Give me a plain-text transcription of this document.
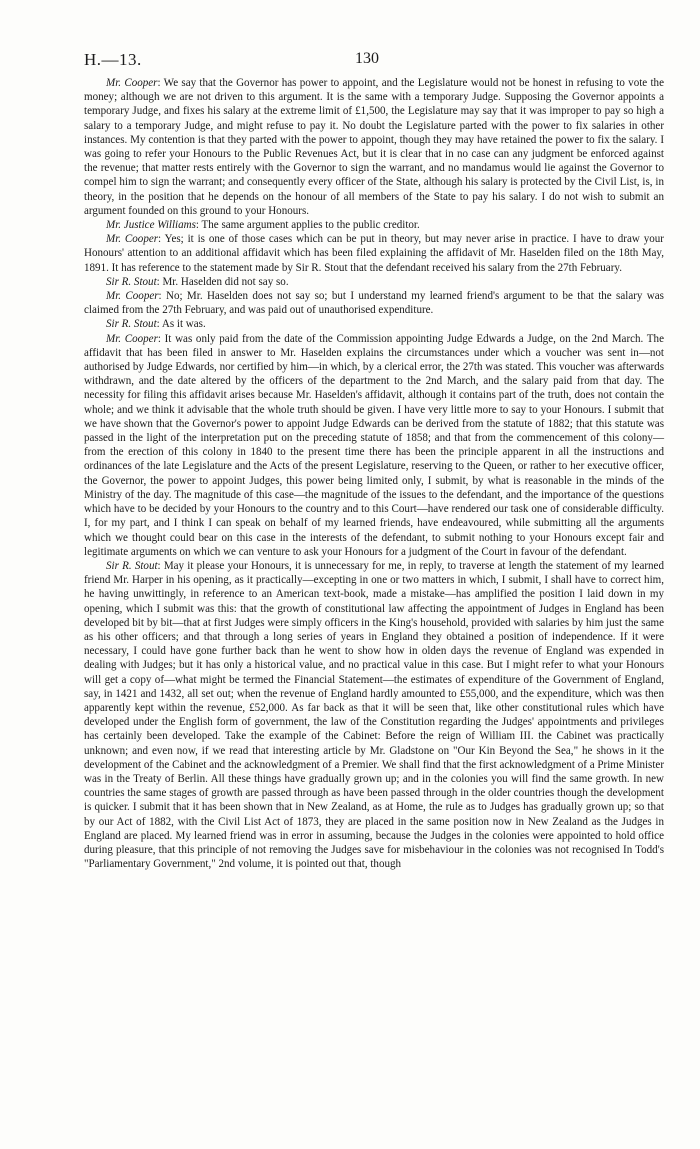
H.—13.	130

Mr. Cooper: We say that the Governor has power to appoint, and the Legislature would not be honest in refusing to vote the money; although we are not driven to this argument. It is the same with a temporary Judge. Supposing the Governor appoints a temporary Judge, and fixes his salary at the extreme limit of £1,500, the Legislature may say that it was improper to pay so high a salary to a temporary Judge, and might refuse to pay it. No doubt the Legislature parted with the power to fix salaries in other instances. My contention is that they parted with the power to appoint, though they may have retained the power to fix the salary. I was going to refer your Honours to the Public Revenues Act, but it is clear that in no case can any judgment be enforced against the revenue; that matter rests entirely with the Governor to sign the warrant, and no mandamus would lie against the Governor to compel him to sign the warrant; and consequently every officer of the State, although his salary is protected by the Civil List, is, in theory, in the position that he depends on the honour of all members of the State to pay his salary. I do not wish to submit an argument founded on this ground to your Honours.

Mr. Justice Williams: The same argument applies to the public creditor.

Mr. Cooper: Yes; it is one of those cases which can be put in theory, but may never arise in practice. I have to draw your Honours' attention to an additional affidavit which has been filed explaining the affidavit of Mr. Haselden filed on the 18th May, 1891. It has reference to the statement made by Sir R. Stout that the defendant received his salary from the 27th February.

Sir R. Stout: Mr. Haselden did not say so.

Mr. Cooper: No; Mr. Haselden does not say so; but I understand my learned friend's argument to be that the salary was claimed from the 27th February, and was paid out of unauthorised expenditure.

Sir R. Stout: As it was.

Mr. Cooper: It was only paid from the date of the Commission appointing Judge Edwards a Judge, on the 2nd March. The affidavit that has been filed in answer to Mr. Haselden explains the circumstances under which a voucher was sent in—not authorised by Judge Edwards, nor certified by him—in which, by a clerical error, the 27th was stated. This voucher was afterwards withdrawn, and the date altered by the officers of the department to the 2nd March, and the salary paid from that day. The necessity for filing this affidavit arises because Mr. Haselden's affidavit, although it contains part of the truth, does not contain the whole; and we think it advisable that the whole truth should be given. I have very little more to say to your Honours. I submit that we have shown that the Governor's power to appoint Judge Edwards can be derived from the statute of 1882; that this statute was passed in the light of the interpretation put on the preceding statute of 1858; and that from the commencement of this colony—from the erection of this colony in 1840 to the present time there has been the principle apparent in all the instructions and ordinances of the late Legislature and the Acts of the present Legislature, reserving to the Queen, or rather to her executive officer, the Governor, the power to appoint Judges, this power being limited only, I submit, by what is reasonable in the minds of the Ministry of the day. The magnitude of this case—the magnitude of the issues to the defendant, and the importance of the questions which have to be decided by your Honours to the country and to this Court—have rendered our task one of considerable difficulty. I, for my part, and I think I can speak on behalf of my learned friends, have endeavoured, while submitting all the arguments which we thought could bear on this case in the interests of the defendant, to submit nothing to your Honours except fair and legitimate arguments on which we can venture to ask your Honours for a judgment of the Court in favour of the defendant.

Sir R. Stout: May it please your Honours, it is unnecessary for me, in reply, to traverse at length the statement of my learned friend Mr. Harper in his opening, as it practically—excepting in one or two matters in which, I submit, I shall have to correct him, he having unwittingly, in reference to an American text-book, made a mistake—has amplified the position I laid down in my opening, which I submit was this: that the growth of constitutional law affecting the appointment of Judges in England has been developed bit by bit—that at first Judges were simply officers in the King's household, provided with salaries by him just the same as his other officers; and that through a long series of years in England they obtained a position of independence. If it were necessary, I could have gone further back than he went to show how in olden days the revenue of England was expended in dealing with Judges; but it has only a historical value, and no practical value in this case. But I might refer to what your Honours will get a copy of—what might be termed the Financial Statement—the estimates of expenditure of the Government of England, say, in 1421 and 1432, all set out; when the revenue of England hardly amounted to £55,000, and the expenditure, which was then apparently kept within the revenue, £52,000. As far back as that it will be seen that, like other constitutional rules which have developed under the English form of government, the law of the Constitution regarding the Judges' appointments and privileges has certainly been developed. Take the example of the Cabinet: Before the reign of William III. the Cabinet was practically unknown; and even now, if we read that interesting article by Mr. Gladstone on "Our Kin Beyond the Sea," he shows in it the development of the Cabinet and the acknowledgment of a Premier. We shall find that the first acknowledgment of a Prime Minister was in the Treaty of Berlin. All these things have gradually grown up; and in the colonies you will find the same growth. In new countries the same stages of growth are passed through as have been passed through in the older countries though the development is quicker. I submit that it has been shown that in New Zealand, as at Home, the rule as to Judges has gradually grown up; so that by our Act of 1882, with the Civil List Act of 1873, they are placed in the same position now in New Zealand as the Judges in England are placed. My learned friend was in error in assuming, because the Judges in the colonies were appointed to hold office during pleasure, that this principle of not removing the Judges save for misbehaviour in the colonies was not recognised In Todd's "Parliamentary Government," 2nd volume, it is pointed out that, though
